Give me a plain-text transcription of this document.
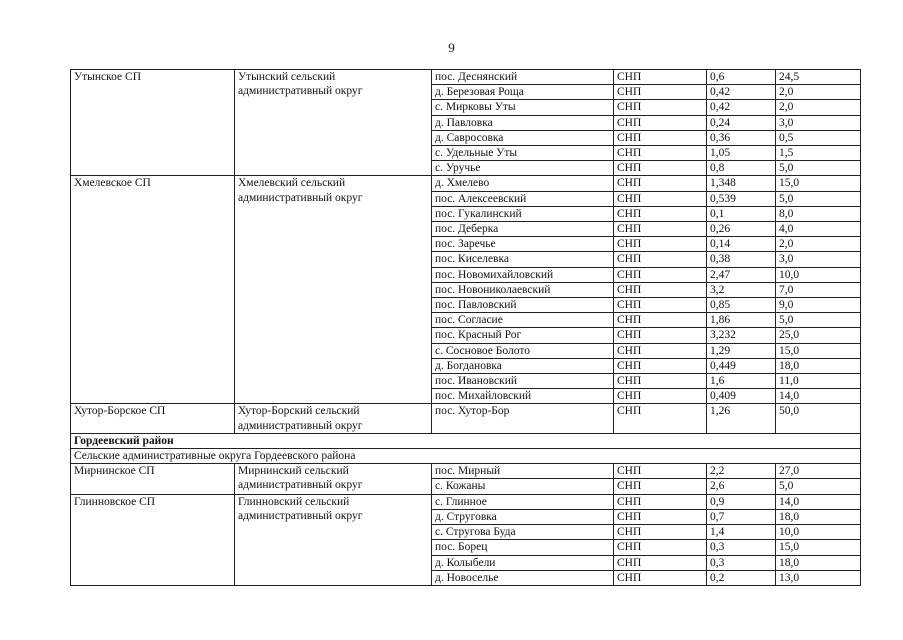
9
Утынское СП	Утынский сельский административный округ	пос. Деснянский	СНП	0,6	24,5
		д. Березовая Роща	СНП	0,42	2,0
		с. Мирковы Уты	СНП	0,42	2,0
		д. Павловка	СНП	0,24	3,0
		д. Савросовка	СНП	0,36	0,5
		с. Удельные Уты	СНП	1,05	1,5
		с. Уручье	СНП	0,8	5,0
Хмелевское СП	Хмелевский сельский административный округ	д. Хмелево	СНП	1,348	15,0
		пос. Алексеевский	СНП	0,539	5,0
		пос. Гукалинский	СНП	0,1	8,0
		пос. Деберка	СНП	0,26	4,0
		пос. Заречье	СНП	0,14	2,0
		пос. Киселевка	СНП	0,38	3,0
		пос. Новомихайловский	СНП	2,47	10,0
		пос. Новониколаевский	СНП	3,2	7,0
		пос. Павловский	СНП	0,85	9,0
		пос. Согласие	СНП	1,86	5,0
		пос. Красный Рог	СНП	3,232	25,0
		с. Сосновое Болото	СНП	1,29	15,0
		д. Богдановка	СНП	0,449	18,0
		пос. Ивановский	СНП	1,6	11,0
		пос. Михайловский	СНП	0,409	14,0
Хутор-Борское СП	Хутор-Борский сельский административный округ	пос. Хутор-Бор	СНП	1,26	50,0
Гордеевский район					
Сельские административные округа Гордеевского района					
Мирнинское СП	Мирнинский сельский административный округ	пос. Мирный	СНП	2,2	27,0
		с. Кожаны	СНП	2,6	5,0
Глинновское СП	Глинновский сельский административный округ	с. Глинное	СНП	0,9	14,0
		д. Струговка	СНП	0,7	18,0
		с. Стругова Буда	СНП	1,4	10,0
		пос. Борец	СНП	0,3	15,0
		д. Колыбели	СНП	0,3	18,0
		д. Новоселье	СНП	0,2	13,0
